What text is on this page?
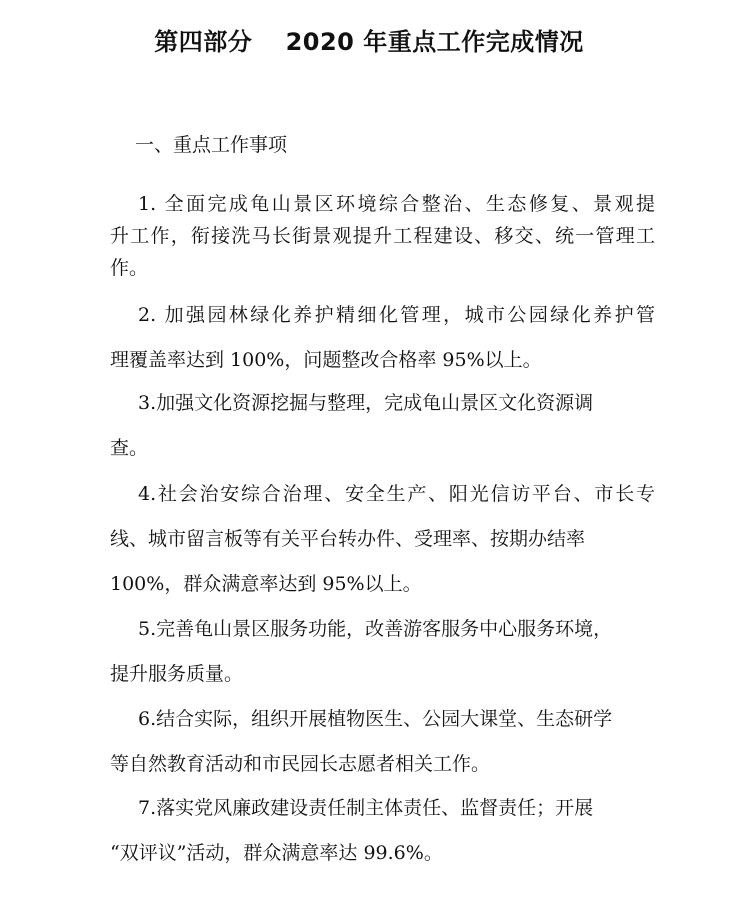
第四部分　 2020 年重点工作完成情况
一、重点工作事项

1. 全面完成龟山景区环境综合整治、生态修复、景观提
升工作，衔接洗马长街景观提升工程建设、移交、统一管理工
作。

2. 加强园林绿化养护精细化管理，城市公园绿化养护管
理覆盖率达到 100%，问题整改合格率 95%以上。

3.加强文化资源挖掘与整理，完成龟山景区文化资源调
查。

4.社会治安综合治理、安全生产、阳光信访平台、市长专
线、城市留言板等有关平台转办件、受理率、按期办结率
100%，群众满意率达到 95%以上。

5.完善龟山景区服务功能，改善游客服务中心服务环境，
提升服务质量。

6.结合实际，组织开展植物医生、公园大课堂、生态研学
等自然教育活动和市民园长志愿者相关工作。

7.落实党风廉政建设责任制主体责任、监督责任；开展
“双评议”活动，群众满意率达 99.6%。
